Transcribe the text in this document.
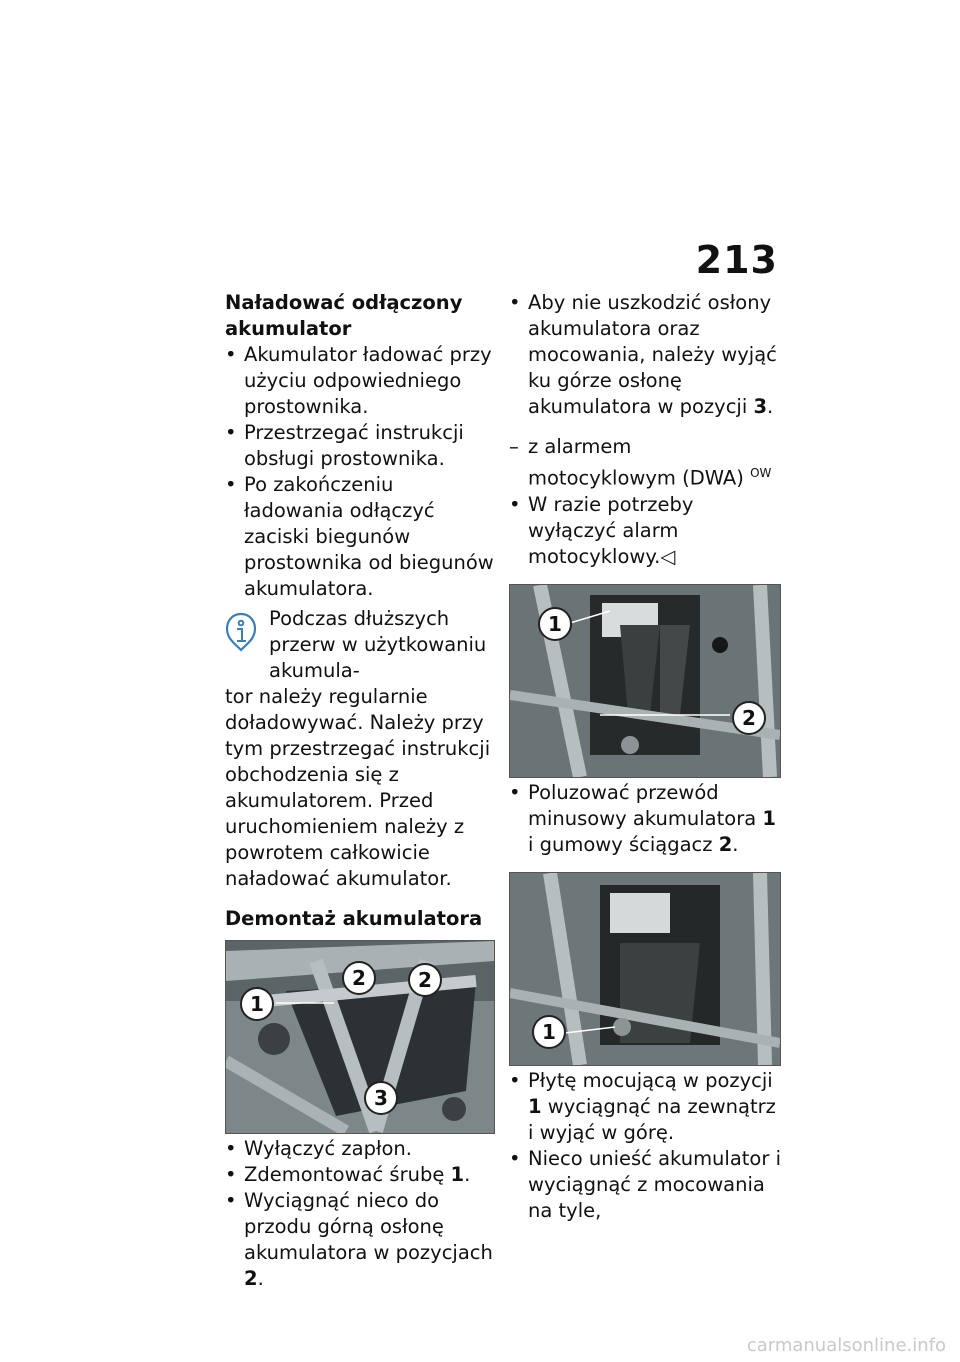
213
Naładować odłączony akumulator

• Akumulator ładować przy użyciu odpowiedniego prostownika.

• Przestrzegać instrukcji obsługi prostownika.

• Po zakończeniu ładowania odłączyć zaciski biegunów prostownika od biegunów akumulatora.

Podczas dłuższych przerw w użytkowaniu akumula-

tor należy regularnie doładowywać. Należy przy tym przestrzegać instrukcji obchodzenia się z akumulatorem. Przed uruchomieniem należy z powrotem całkowicie naładować akumulator.

Demontaż akumulatora
1
2	2
3

• Wyłączyć zapłon.

• Zdemontować śrubę 1.

• Wyciągnąć nieco do przodu górną osłonę akumulatora w pozycjach 2.

• Aby nie uszkodzić osłony akumulatora oraz mocowania, należy wyjąć ku górze osłonę akumulatora w pozycji 3.

– z alarmem motocyklowym (DWA) $^{OW}$

• W razie potrzeby wyłączyć alarm motocyklowy.◁

1
2

• Poluzować przewód minusowy akumulatora 1 i gumowy ściągacz 2.

1

• Płytę mocującą w pozycji 1 wyciągnąć na zewnątrz i wyjąć w górę.

• Nieco unieść akumulator i wyciągnąć z mocowania na tyle,

carmanualsonline.info
